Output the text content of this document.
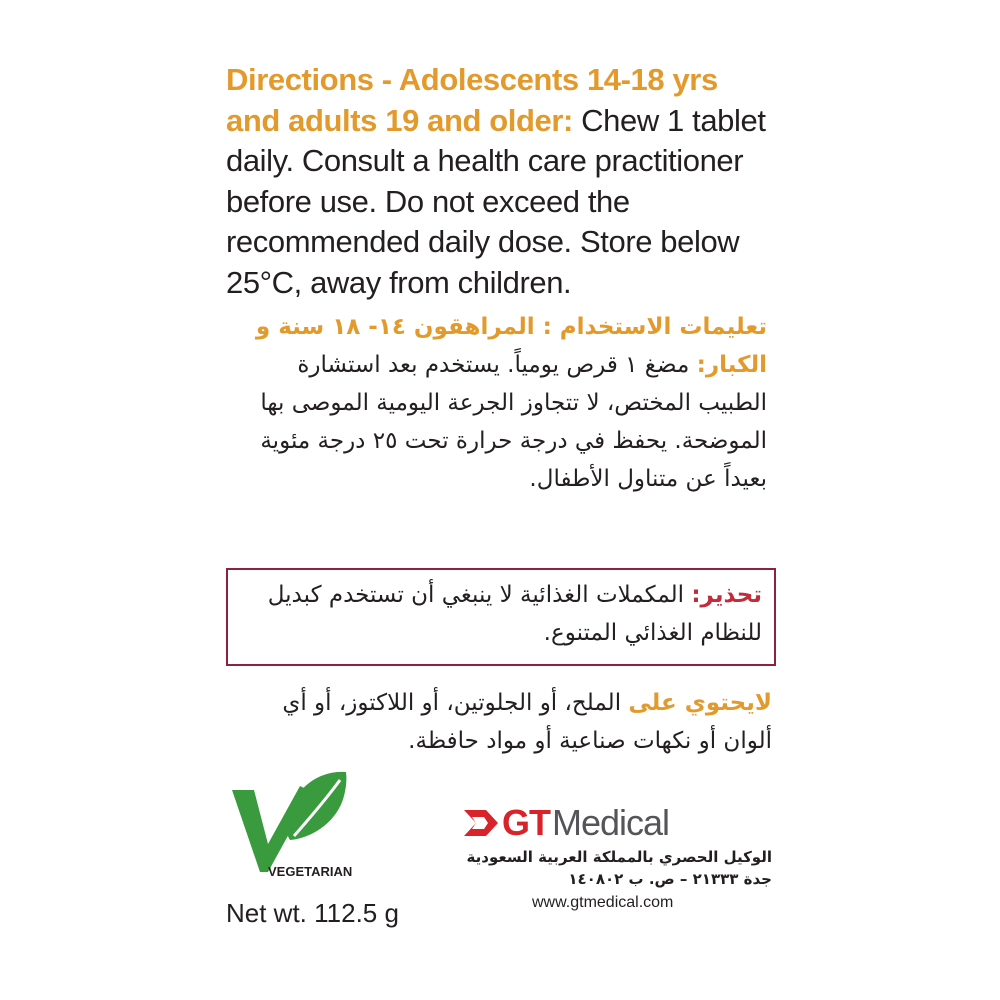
Directions - Adolescents 14-18 yrs and adults 19 and older: Chew 1 tablet daily. Consult a health care practitioner before use. Do not exceed the recommended daily dose. Store below 25°C, away from children.

تعليمات الاستخدام : المراهقون ١٤- ١٨ سنة و الكبار: مضغ ١ قرص يومياً. يستخدم بعد استشارة الطبيب المختص، لا تتجاوز الجرعة اليومية الموصى بها الموضحة. يحفظ في درجة حرارة تحت ٢٥ درجة مئوية بعيداً عن متناول الأطفال.

تحذير: المكملات الغذائية لا ينبغي أن تستخدم كبديل للنظام الغذائي المتنوع.

لايحتوي على الملح، أو الجلوتين، أو اللاكتوز، أو أي ألوان أو نكهات صناعية أو مواد حافظة.

VEGETARIAN

Net wt. 112.5 g

GT Medical

الوكيل الحصري بالمملكة العربية السعودية

جدة ٢١٣٣٣ – ص. ب ١٤٠٨٠٢

www.gtmedical.com
